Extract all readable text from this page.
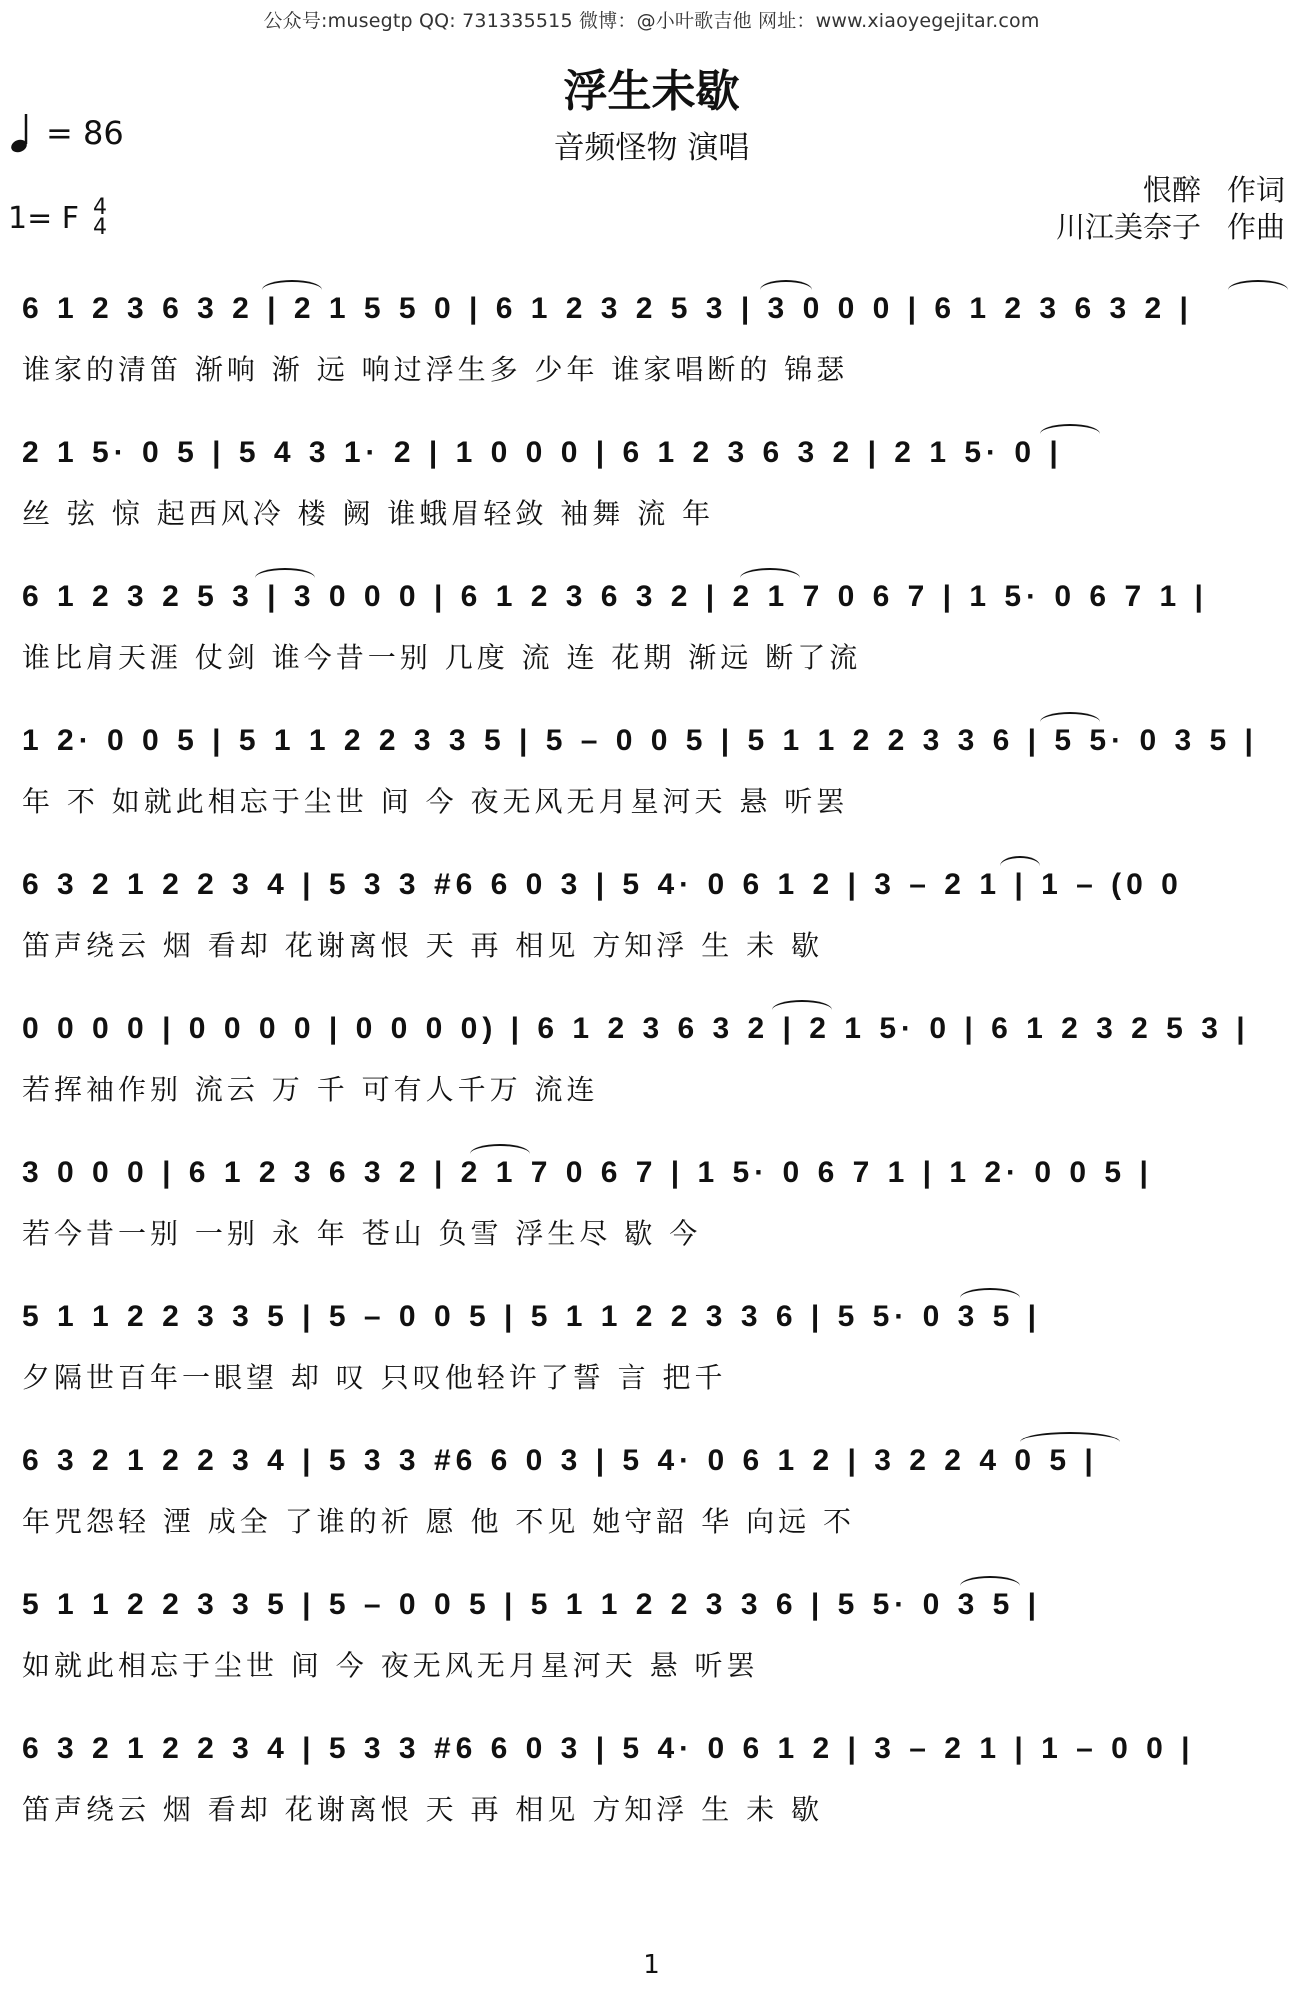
公众号:musegtp QQ: 731335515 微博：@小叶歌吉他 网址：www.xiaoyegejitar.com
浮生未歇
音频怪物 演唱
= 86
1= F 4
4
恨醉 作词
川江美奈子 作曲
6 1 2 3 6 3 2 | 2 1 5 5 0 | 6 1 2 3 2 5 3 | 3 0 0 0 | 6 1 2 3 6 3 2 |
谁家的清笛 渐响 渐 远 响过浮生多 少年 谁家唱断的 锦瑟
2 1 5· 0 5 | 5 4 3 1· 2 | 1 0 0 0 | 6 1 2 3 6 3 2 | 2 1 5· 0 |
丝 弦 惊 起西风冷 楼 阙 谁蛾眉轻敛 袖舞 流 年
6 1 2 3 2 5 3 | 3 0 0 0 | 6 1 2 3 6 3 2 | 2 1 7 0 6 7 | 1 5· 0 6 7 1 |
谁比肩天涯 仗剑 谁今昔一别 几度 流 连 花期 渐远 断了流
1 2· 0 0 5 | 5 1 1 2 2 3 3 5 | 5 – 0 0 5 | 5 1 1 2 2 3 3 6 | 5 5· 0 3 5 |
年 不 如就此相忘于尘世 间 今 夜无风无月星河天 悬 听罢
6 3 2 1 2 2 3 4 | 5 3 3 #6 6 0 3 | 5 4· 0 6 1 2 | 3 – 2 1 | 1 – (0 0
笛声绕云 烟 看却 花谢离恨 天 再 相见 方知浮 生 未 歇
0 0 0 0 | 0 0 0 0 | 0 0 0 0) | 6 1 2 3 6 3 2 | 2 1 5· 0 | 6 1 2 3 2 5 3 |
若挥袖作别 流云 万 千 可有人千万 流连
3 0 0 0 | 6 1 2 3 6 3 2 | 2 1 7 0 6 7 | 1 5· 0 6 7 1 | 1 2· 0 0 5 |
若今昔一别 一别 永 年 苍山 负雪 浮生尽 歇 今
5 1 1 2 2 3 3 5 | 5 – 0 0 5 | 5 1 1 2 2 3 3 6 | 5 5· 0 3 5 |
夕隔世百年一眼望 却 叹 只叹他轻许了誓 言 把千
6 3 2 1 2 2 3 4 | 5 3 3 #6 6 0 3 | 5 4· 0 6 1 2 | 3 2 2 4 0 5 |
年咒怨轻 湮 成全 了谁的祈 愿 他 不见 她守韶 华 向远 不
5 1 1 2 2 3 3 5 | 5 – 0 0 5 | 5 1 1 2 2 3 3 6 | 5 5· 0 3 5 |
如就此相忘于尘世 间 今 夜无风无月星河天 悬 听罢
6 3 2 1 2 2 3 4 | 5 3 3 #6 6 0 3 | 5 4· 0 6 1 2 | 3 – 2 1 | 1 – 0 0 |
笛声绕云 烟 看却 花谢离恨 天 再 相见 方知浮 生 未 歇
1
